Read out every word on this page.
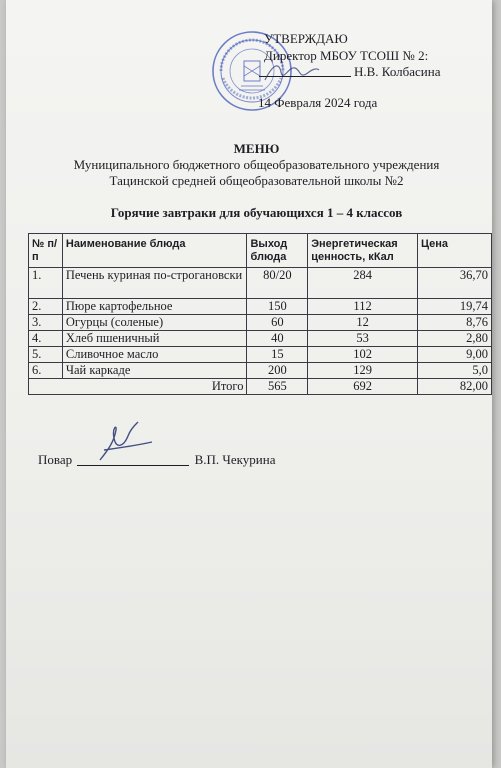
УТВЕРЖДАЮ
Директор МБОУ ТСОШ № 2:
Н.В. Колбасина
14 Февраля 2024 года
МЕНЮ
Муниципального бюджетного общеобразовательного учреждения
Тацинской средней общеобразовательной школы №2
Горячие завтраки для обучающихся 1 – 4 классов
№ п/п	Наименование блюда	Выход блюда	Энергетическая ценность, кКал	Цена
1.	Печень куриная по-строгановски	80/20	284	36,70
2.	Пюре картофельное	150	112	19,74
3.	Огурцы (соленые)	60	12	8,76
4.	Хлеб пшеничный	40	53	2,80
5.	Сливочное масло	15	102	9,00
6.	Чай каркаде	200	129	5,0
Итого		565	692	82,00
Повар	В.П. Чекурина
